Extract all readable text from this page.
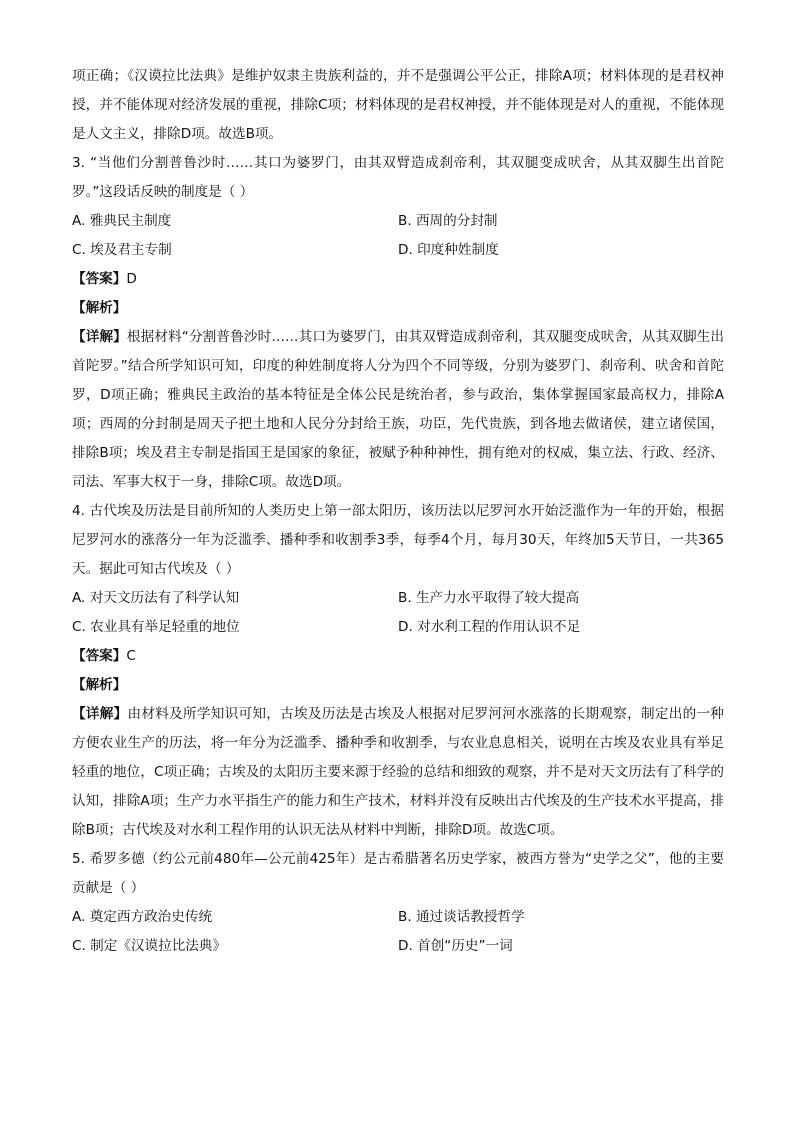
项正确；《汉谟拉比法典》是维护奴隶主贵族利益的，并不是强调公平公正，排除A项；材料体现的是君权神授，并不能体现对经济发展的重视，排除C项；材料体现的是君权神授，并不能体现是对人的重视，不能体现是人文主义，排除D项。故选B项。

3. “当他们分割普鲁沙时……其口为婆罗门，由其双臂造成刹帝利，其双腿变成吠舍，从其双脚生出首陀罗。”这段话反映的制度是（ ）

A. 雅典民主制度	B. 西周的分封制

C. 埃及君主专制	D. 印度种姓制度

【答案】D

【解析】

【详解】根据材料“分割普鲁沙时……其口为婆罗门，由其双臂造成刹帝利，其双腿变成吠舍，从其双脚生出首陀罗。”结合所学知识可知，印度的种姓制度将人分为四个不同等级，分别为婆罗门、刹帝利、吠舍和首陀罗，D项正确；雅典民主政治的基本特征是全体公民是统治者，参与政治，集体掌握国家最高权力，排除A项；西周的分封制是周天子把土地和人民分分封给王族，功臣，先代贵族，到各地去做诸侯，建立诸侯国，排除B项；埃及君主专制是指国王是国家的象征，被赋予种种神性，拥有绝对的权威，集立法、行政、经济、司法、军事大权于一身，排除C项。故选D项。

4. 古代埃及历法是目前所知的人类历史上第一部太阳历，该历法以尼罗河水开始泛滥作为一年的开始，根据尼罗河水的涨落分一年为泛滥季、播种季和收割季3季，每季4个月，每月30天，年终加5天节日，一共365天。据此可知古代埃及（ ）

A. 对天文历法有了科学认知	B. 生产力水平取得了较大提高

C. 农业具有举足轻重的地位	D. 对水利工程的作用认识不足

【答案】C

【解析】

【详解】由材料及所学知识可知，古埃及历法是古埃及人根据对尼罗河河水涨落的长期观察，制定出的一种方便农业生产的历法，将一年分为泛滥季、播种季和收割季，与农业息息相关，说明在古埃及农业具有举足轻重的地位，C项正确；古埃及的太阳历主要来源于经验的总结和细致的观察，并不是对天文历法有了科学的认知，排除A项；生产力水平指生产的能力和生产技术，材料并没有反映出古代埃及的生产技术水平提高，排除B项；古代埃及对水利工程作用的认识无法从材料中判断，排除D项。故选C项。

5. 希罗多德（约公元前480年—公元前425年）是古希腊著名历史学家，被西方誉为“史学之父”，他的主要贡献是（ ）

A. 奠定西方政治史传统	B. 通过谈话教授哲学

C. 制定《汉谟拉比法典》	D. 首创“历史”一词
